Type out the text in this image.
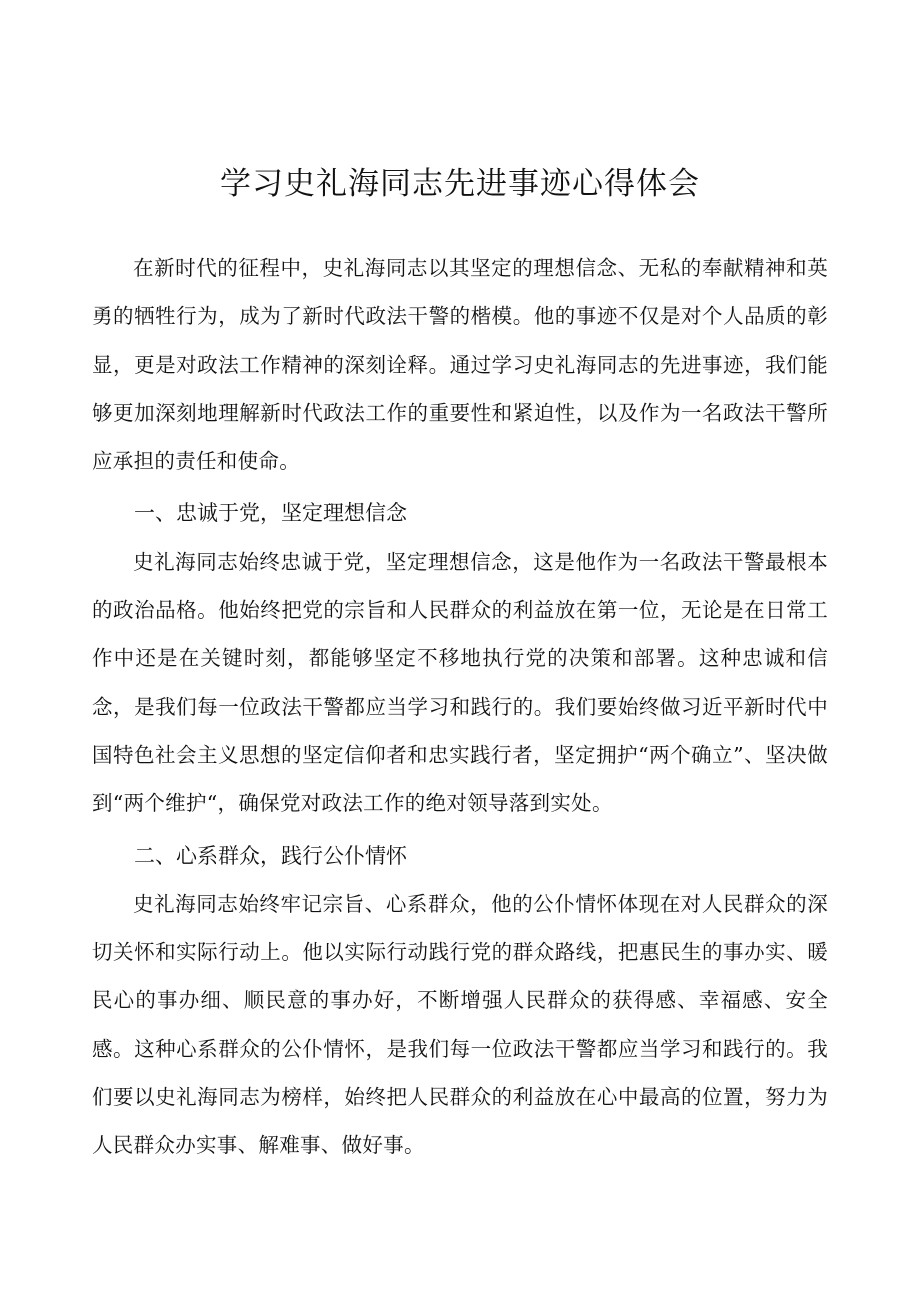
学习史礼海同志先进事迹心得体会

在新时代的征程中，史礼海同志以其坚定的理想信念、无私的奉献精神和英勇的牺牲行为，成为了新时代政法干警的楷模。他的事迹不仅是对个人品质的彰显，更是对政法工作精神的深刻诠释。通过学习史礼海同志的先进事迹，我们能够更加深刻地理解新时代政法工作的重要性和紧迫性，以及作为一名政法干警所应承担的责任和使命。

一、忠诚于党，坚定理想信念

史礼海同志始终忠诚于党，坚定理想信念，这是他作为一名政法干警最根本的政治品格。他始终把党的宗旨和人民群众的利益放在第一位，无论是在日常工作中还是在关键时刻，都能够坚定不移地执行党的决策和部署。这种忠诚和信念，是我们每一位政法干警都应当学习和践行的。我们要始终做习近平新时代中国特色社会主义思想的坚定信仰者和忠实践行者，坚定拥护“两个确立”、坚决做到“两个维护“，确保党对政法工作的绝对领导落到实处。

二、心系群众，践行公仆情怀

史礼海同志始终牢记宗旨、心系群众，他的公仆情怀体现在对人民群众的深切关怀和实际行动上。他以实际行动践行党的群众路线，把惠民生的事办实、暖民心的事办细、顺民意的事办好，不断增强人民群众的获得感、幸福感、安全感。这种心系群众的公仆情怀，是我们每一位政法干警都应当学习和践行的。我们要以史礼海同志为榜样，始终把人民群众的利益放在心中最高的位置，努力为人民群众办实事、解难事、做好事。
